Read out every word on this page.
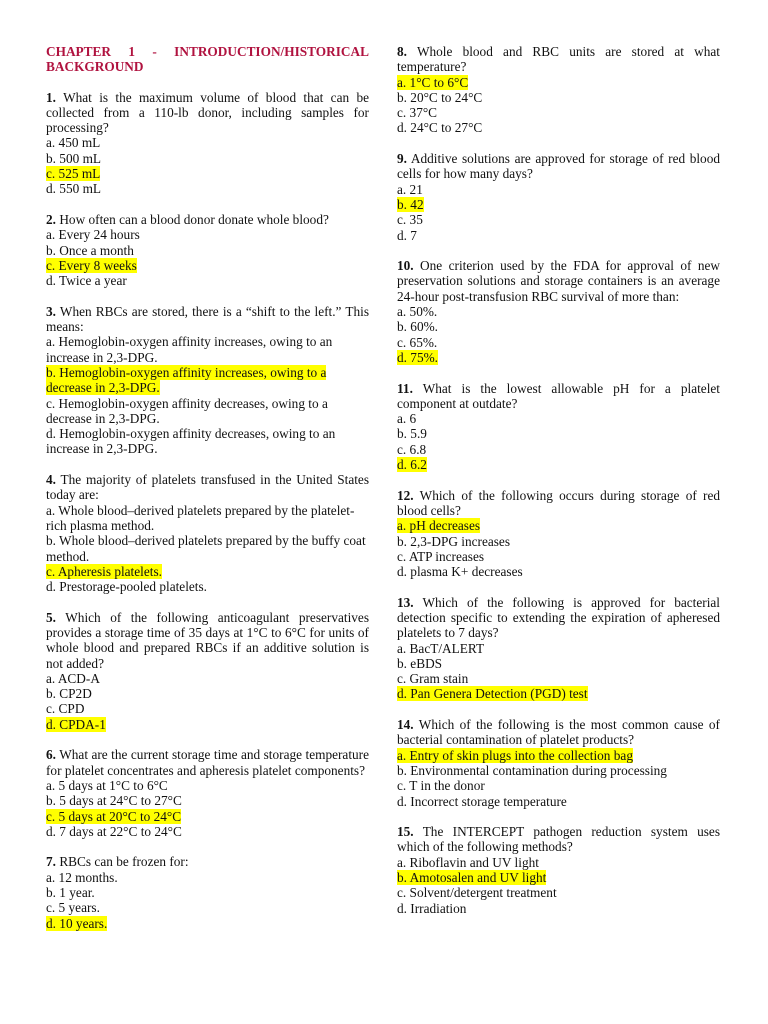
CHAPTER 1 - INTRODUCTION/HISTORICAL BACKGROUND
1. What is the maximum volume of blood that can be collected from a 110-lb donor, including samples for processing?
a. 450 mL
b. 500 mL
c. 525 mL
d. 550 mL
2. How often can a blood donor donate whole blood?
a. Every 24 hours
b. Once a month
c. Every 8 weeks
d. Twice a year
3. When RBCs are stored, there is a “shift to the left.” This means:
a. Hemoglobin-oxygen affinity increases, owing to an increase in 2,3-DPG.
b. Hemoglobin-oxygen affinity increases, owing to a decrease in 2,3-DPG.
c. Hemoglobin-oxygen affinity decreases, owing to a decrease in 2,3-DPG.
d. Hemoglobin-oxygen affinity decreases, owing to an increase in 2,3-DPG.
4. The majority of platelets transfused in the United States today are:
a. Whole blood–derived platelets prepared by the platelet-rich plasma method.
b. Whole blood–derived platelets prepared by the buffy coat method.
c. Apheresis platelets.
d. Prestorage-pooled platelets.
5. Which of the following anticoagulant preservatives provides a storage time of 35 days at 1°C to 6°C for units of whole blood and prepared RBCs if an additive solution is not added?
a. ACD-A
b. CP2D
c. CPD
d. CPDA-1
6. What are the current storage time and storage temperature for platelet concentrates and apheresis platelet components?
a. 5 days at 1°C to 6°C
b. 5 days at 24°C to 27°C
c. 5 days at 20°C to 24°C
d. 7 days at 22°C to 24°C
7. RBCs can be frozen for:
a. 12 months.
b. 1 year.
c. 5 years.
d. 10 years.
8. Whole blood and RBC units are stored at what temperature?
a. 1°C to 6°C
b. 20°C to 24°C
c. 37°C
d. 24°C to 27°C
9. Additive solutions are approved for storage of red blood cells for how many days?
a. 21
b. 42
c. 35
d. 7
10. One criterion used by the FDA for approval of new preservation solutions and storage containers is an average 24-hour post-transfusion RBC survival of more than:
a. 50%.
b. 60%.
c. 65%.
d. 75%.
11. What is the lowest allowable pH for a platelet component at outdate?
a. 6
b. 5.9
c. 6.8
d. 6.2
12. Which of the following occurs during storage of red blood cells?
a. pH decreases
b. 2,3-DPG increases
c. ATP increases
d. plasma K+ decreases
13. Which of the following is approved for bacterial detection specific to extending the expiration of apheresed platelets to 7 days?
a. BacT/ALERT
b. eBDS
c. Gram stain
d. Pan Genera Detection (PGD) test
14. Which of the following is the most common cause of bacterial contamination of platelet products?
a. Entry of skin plugs into the collection bag
b. Environmental contamination during processing
c. T in the donor
d. Incorrect storage temperature
15. The INTERCEPT pathogen reduction system uses which of the following methods?
a. Riboflavin and UV light
b. Amotosalen and UV light
c. Solvent/detergent treatment
d. Irradiation
